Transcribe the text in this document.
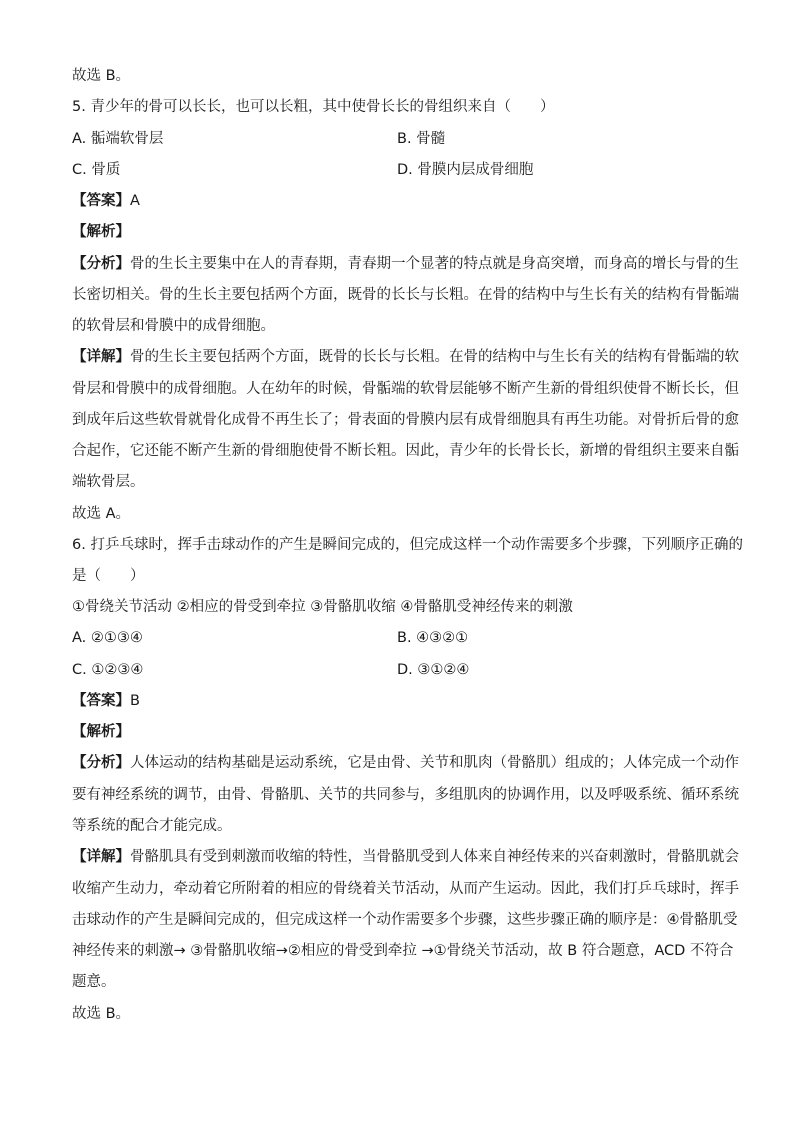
故选 B。
5. 青少年的骨可以长长，也可以长粗，其中使骨长长的骨组织来自（　　）
A. 骺端软骨层	B. 骨髓
C. 骨质	D. 骨膜内层成骨细胞
【答案】A
【解析】
【分析】骨的生长主要集中在人的青春期，青春期一个显著的特点就是身高突增，而身高的增长与骨的生
长密切相关。骨的生长主要包括两个方面，既骨的长长与长粗。在骨的结构中与生长有关的结构有骨骺端
的软骨层和骨膜中的成骨细胞。
【详解】骨的生长主要包括两个方面，既骨的长长与长粗。在骨的结构中与生长有关的结构有骨骺端的软
骨层和骨膜中的成骨细胞。人在幼年的时候，骨骺端的软骨层能够不断产生新的骨组织使骨不断长长，但
到成年后这些软骨就骨化成骨不再生长了；骨表面的骨膜内层有成骨细胞具有再生功能。对骨折后骨的愈
合起作，它还能不断产生新的骨细胞使骨不断长粗。因此，青少年的长骨长长，新增的骨组织主要来自骺
端软骨层。
故选 A。
6. 打乒乓球时，挥手击球动作的产生是瞬间完成的，但完成这样一个动作需要多个步骤，下列顺序正确的
是（　　）
①骨绕关节活动 ②相应的骨受到牵拉 ③骨骼肌收缩 ④骨骼肌受神经传来的刺激
A. ②①③④	B. ④③②①
C. ①②③④	D. ③①②④
【答案】B
【解析】
【分析】人体运动的结构基础是运动系统，它是由骨、关节和肌肉（骨骼肌）组成的；人体完成一个动作
要有神经系统的调节，由骨、骨骼肌、关节的共同参与，多组肌肉的协调作用，以及呼吸系统、循环系统
等系统的配合才能完成。
【详解】骨骼肌具有受到刺激而收缩的特性，当骨骼肌受到人体来自神经传来的兴奋刺激时，骨骼肌就会
收缩产生动力，牵动着它所附着的相应的骨绕着关节活动，从而产生运动。因此，我们打乒乓球时，挥手
击球动作的产生是瞬间完成的，但完成这样一个动作需要多个步骤，这些步骤正确的顺序是：④骨骼肌受
神经传来的刺激→ ③骨骼肌收缩→②相应的骨受到牵拉 →①骨绕关节活动，故 B 符合题意，ACD 不符合
题意。
故选 B。
